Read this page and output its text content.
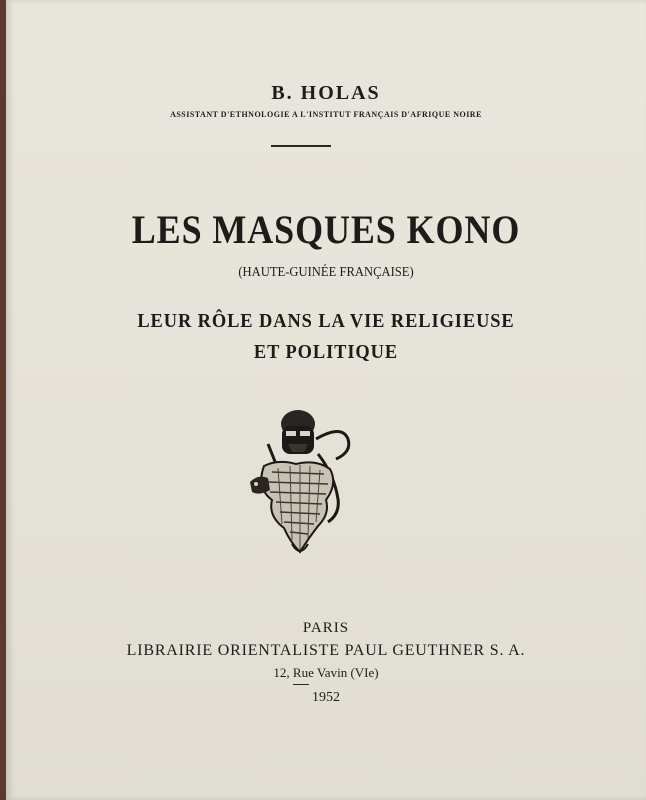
B. HOLAS
ASSISTANT D'ETHNOLOGIE A L'INSTITUT FRANÇAIS D'AFRIQUE NOIRE
LES MASQUES KONO
(HAUTE-GUINÉE FRANÇAISE)
LEUR RÔLE DANS LA VIE RELIGIEUSE
ET POLITIQUE
PARIS
LIBRAIRIE ORIENTALISTE PAUL GEUTHNER S. A.
12, Rue Vavin (VIe)
1952
